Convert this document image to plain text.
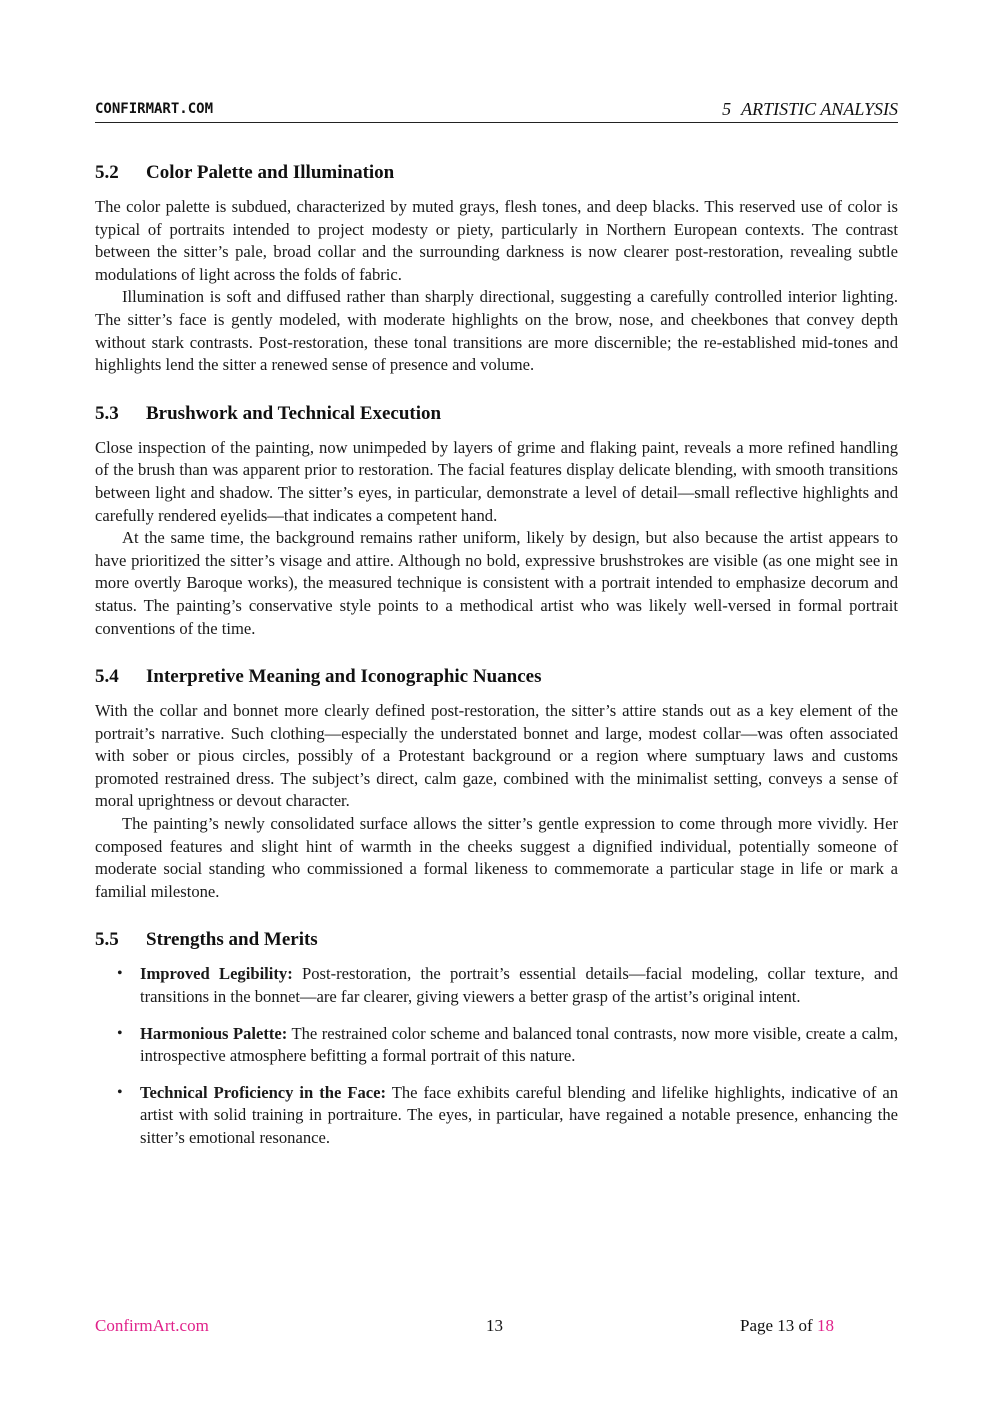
CONFIRMART.COM	5 ARTISTIC ANALYSIS
5.2 Color Palette and Illumination

The color palette is subdued, characterized by muted grays, flesh tones, and deep blacks. This reserved use of color is typical of portraits intended to project modesty or piety, particularly in Northern European contexts. The contrast between the sitter’s pale, broad collar and the surrounding darkness is now clearer post-restoration, revealing subtle modulations of light across the folds of fabric.

Illumination is soft and diffused rather than sharply directional, suggesting a carefully controlled interior lighting. The sitter’s face is gently modeled, with moderate highlights on the brow, nose, and cheekbones that convey depth without stark contrasts. Post-restoration, these tonal transitions are more discernible; the re-established mid-tones and highlights lend the sitter a renewed sense of presence and volume.

5.3 Brushwork and Technical Execution

Close inspection of the painting, now unimpeded by layers of grime and flaking paint, reveals a more refined handling of the brush than was apparent prior to restoration. The facial features display delicate blending, with smooth transitions between light and shadow. The sitter’s eyes, in particular, demonstrate a level of detail—small reflective highlights and carefully rendered eyelids—that indicates a competent hand.

At the same time, the background remains rather uniform, likely by design, but also because the artist appears to have prioritized the sitter’s visage and attire. Although no bold, expressive brushstrokes are visible (as one might see in more overtly Baroque works), the measured technique is consistent with a portrait intended to emphasize decorum and status. The painting’s conservative style points to a methodical artist who was likely well-versed in formal portrait conventions of the time.

5.4 Interpretive Meaning and Iconographic Nuances

With the collar and bonnet more clearly defined post-restoration, the sitter’s attire stands out as a key element of the portrait’s narrative. Such clothing—especially the understated bonnet and large, modest collar—was often associated with sober or pious circles, possibly of a Protestant background or a region where sumptuary laws and customs promoted restrained dress. The subject’s direct, calm gaze, combined with the minimalist setting, conveys a sense of moral uprightness or devout character.

The painting’s newly consolidated surface allows the sitter’s gentle expression to come through more vividly. Her composed features and slight hint of warmth in the cheeks suggest a dignified individual, potentially someone of moderate social standing who commissioned a formal likeness to commemorate a particular stage in life or mark a familial milestone.

5.5 Strengths and Merits
• Improved Legibility: Post-restoration, the portrait’s essential details—facial modeling, collar texture, and transitions in the bonnet—are far clearer, giving viewers a better grasp of the artist’s original intent.

• Harmonious Palette: The restrained color scheme and balanced tonal contrasts, now more visible, create a calm, introspective atmosphere befitting a formal portrait of this nature.

• Technical Proficiency in the Face: The face exhibits careful blending and lifelike highlights, indicative of an artist with solid training in portraiture. The eyes, in particular, have regained a notable presence, enhancing the sitter’s emotional resonance.

ConfirmArt.com	13	Page 13 of 18
